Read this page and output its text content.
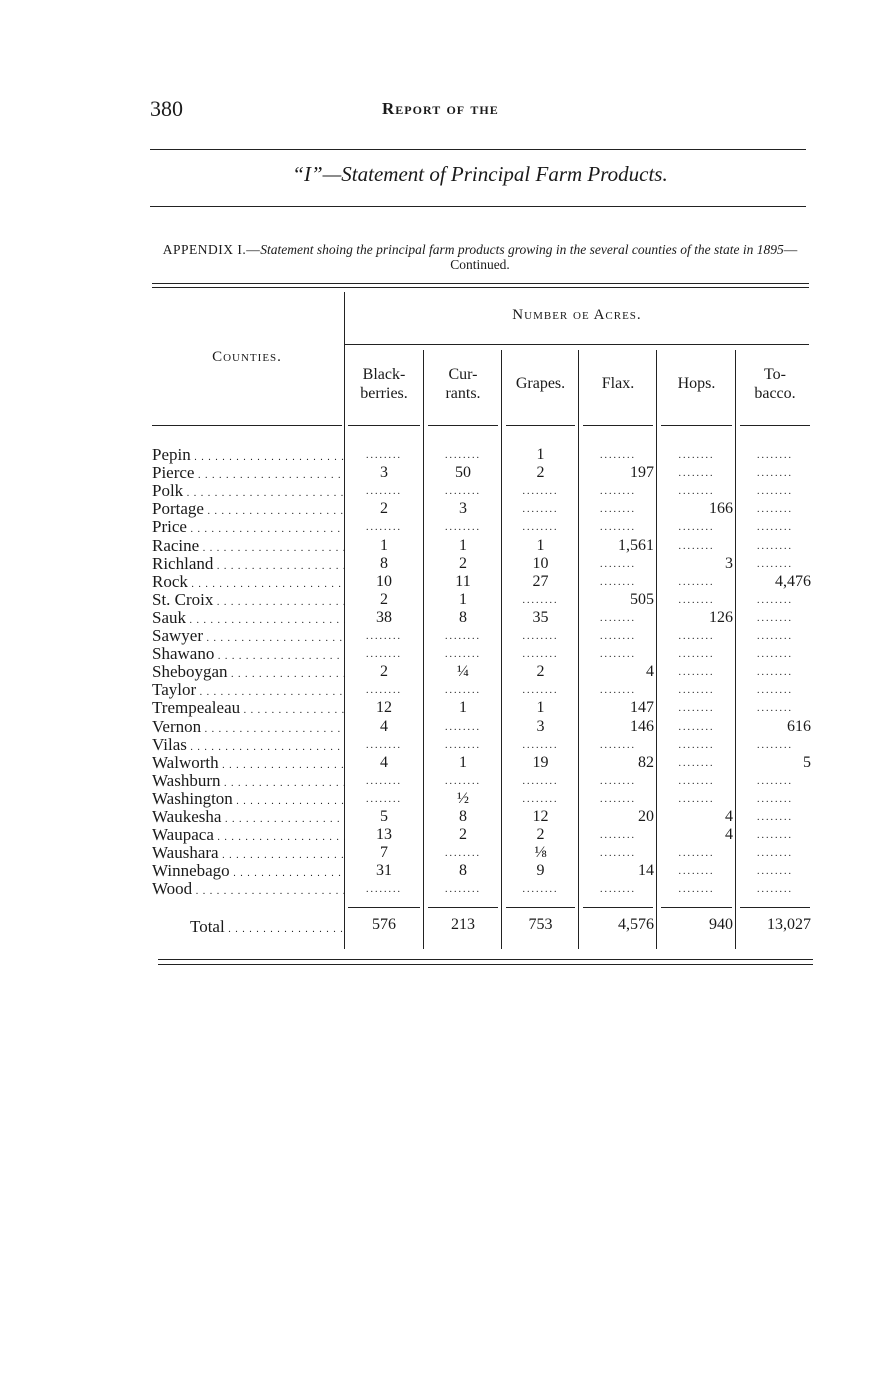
380	Report of the
“I”—Statement of Principal Farm Products.
APPENDIX I.—Statement shoing the principal farm products growing in the several counties of the state in 1895—Continued.
Counties.
Number oe Acres.
Black-
berries.
Cur-
rants.
Grapes.	Flax.	Hops.
To-
bacco.
Pepin . . .	........	........	1	........	........	........
Pierce . . .	3	50	2	197	........	........
Polk . . .	........	........	........	........	........	........
Portage . . .	2	3	........	........	166	........
Price . . .	........	........	........	........	........	........
Racine . . .	1	1	1	1,561	........	........
Richland . . .	8	2	10	........	3	........
Rock . . .	10	11	27	........	........	4,476
St. Croix . . .	2	1	........	505	........	........
Sauk . . .	38	8	35	........	126	........
Sawyer . . .	........	........	........	........	........	........
Shawano . . .	........	........	........	........	........	........
Sheboygan . . .	2	¼	2	4	........	........
Taylor . . .	........	........	........	........	........	........
Trempealeau . . .	12	1	1	147	........	........
Vernon . . .	4	........	3	146	........	616
Vilas . . .	........	........	........	........	........	........
Walworth . . .	4	1	19	82	........	5
Washburn . . .	........	........	........	........	........	........
Washington . . .	........	½	........	........	........	........
Waukesha . . .	5	8	12	20	4	........
Waupaca . . .	13	2	2	........	4	........
Waushara . . .	7	........	⅛	........	........	........
Winnebago . . .	31	8	9	14	........	........
Wood . . .	........	........	........	........	........	........
Total . . .	576	213	753	4,576	940	13,027
